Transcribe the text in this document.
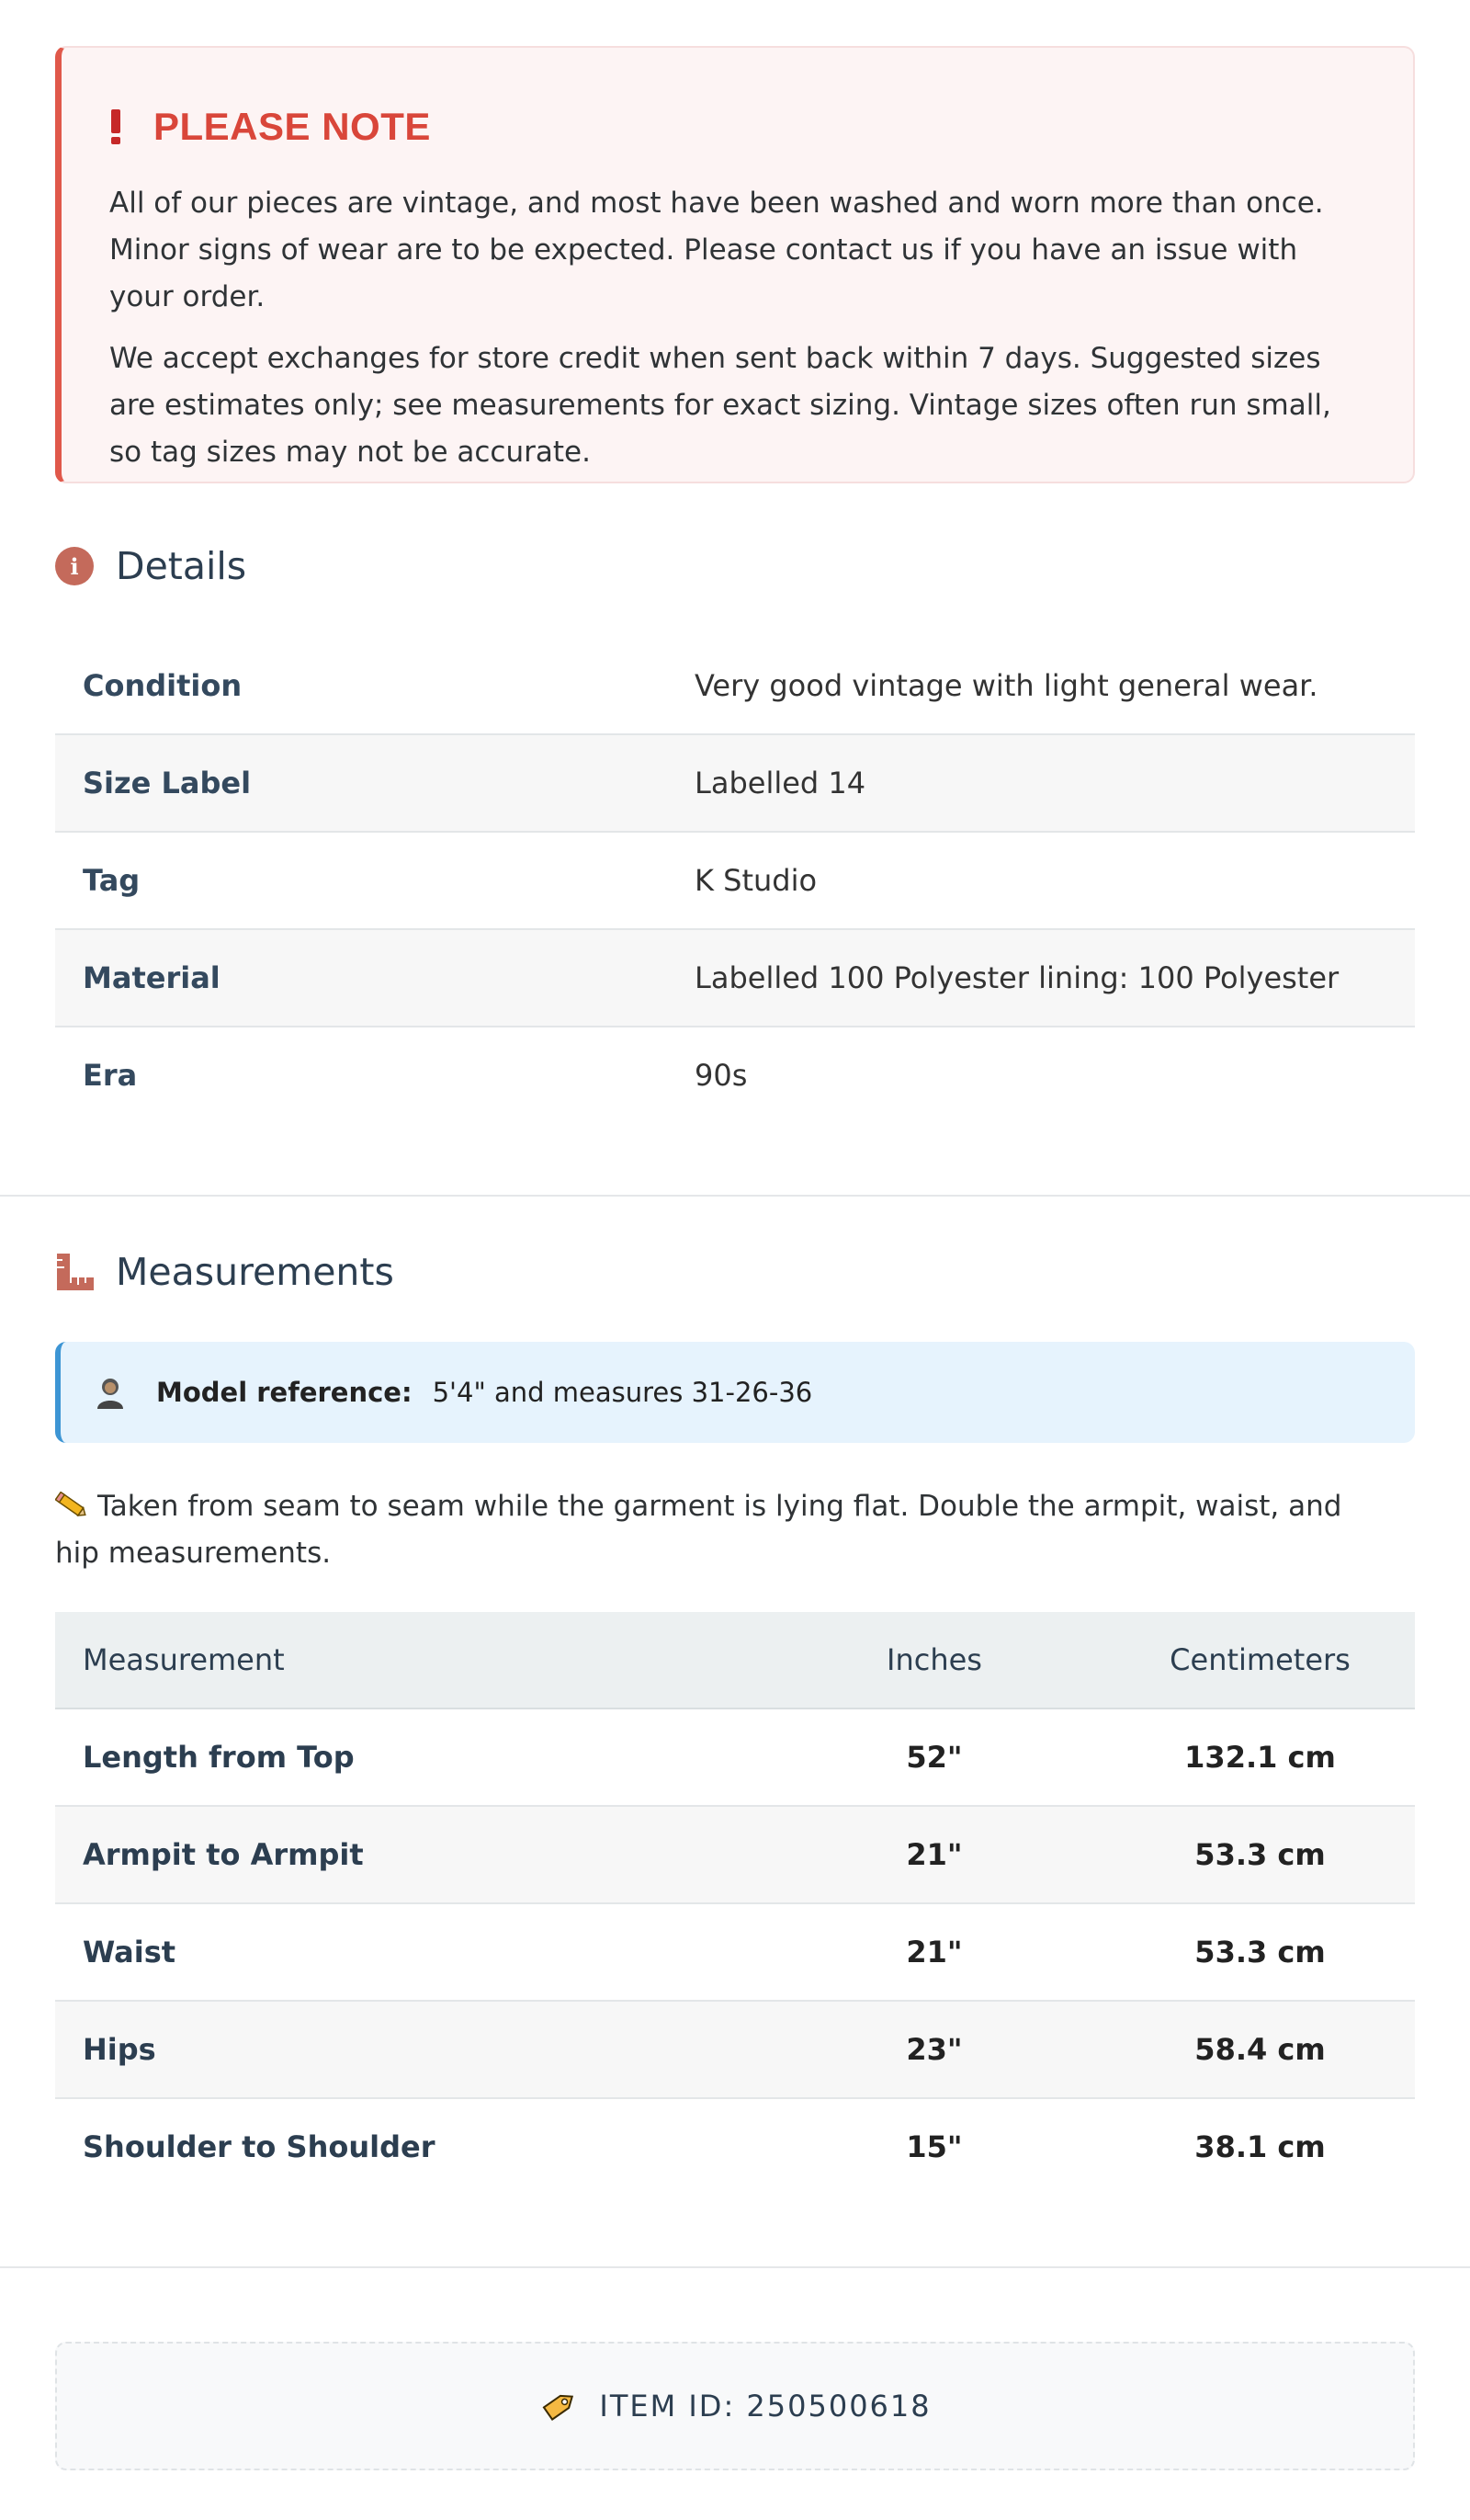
PLEASE NOTE

All of our pieces are vintage, and most have been washed and worn more than once. Minor signs of wear are to be expected. Please contact us if you have an issue with your order.

We accept exchanges for store credit when sent back within 7 days. Suggested sizes are estimates only; see measurements for exact sizing. Vintage sizes often run small, so tag sizes may not be accurate.

i Details
Condition	Very good vintage with light general wear.
Size Label	Labelled 14
Tag	K Studio
Material	Labelled 100 Polyester lining: 100 Polyester
Era	90s
Measurements
Model reference: 5'4" and measures 31-26-36
Taken from seam to seam while the garment is lying flat. Double the armpit, waist, and hip measurements.
Measurement	Inches	Centimeters
Length from Top	52"	132.1 cm
Armpit to Armpit	21"	53.3 cm
Waist	21"	53.3 cm
Hips	23"	58.4 cm
Shoulder to Shoulder	15"	38.1 cm
ITEM ID: 250500618
